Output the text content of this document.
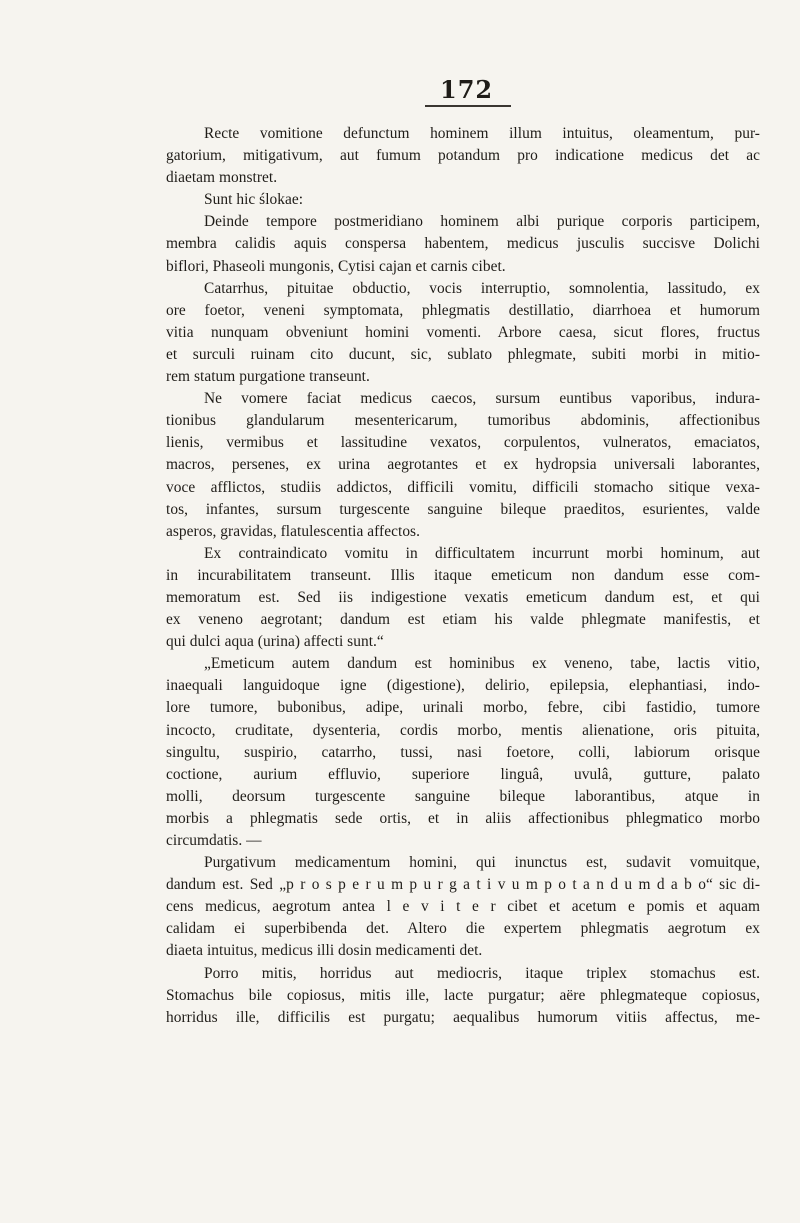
172
Recte vomitione defunctum hominem illum intuitus, oleamentum, pur-
gatorium, mitigativum, aut fumum potandum pro indicatione medicus det ac
diaetam monstret.
Sunt hic ślokae:
Deinde tempore postmeridiano hominem albi purique corporis participem,
membra calidis aquis conspersa habentem, medicus jusculis succisve Dolichi
biflori, Phaseoli mungonis, Cytisi cajan et carnis cibet.
Catarrhus, pituitae obductio, vocis interruptio, somnolentia, lassitudo, ex
ore foetor, veneni symptomata, phlegmatis destillatio, diarrhoea et humorum
vitia nunquam obveniunt homini vomenti. Arbore caesa, sicut flores, fructus
et surculi ruinam cito ducunt, sic, sublato phlegmate, subiti morbi in mitio-
rem statum purgatione transeunt.
Ne vomere faciat medicus caecos, sursum euntibus vaporibus, indura-
tionibus glandularum mesentericarum, tumoribus abdominis, affectionibus
lienis, vermibus et lassitudine vexatos, corpulentos, vulneratos, emaciatos,
macros, persenes, ex urina aegrotantes et ex hydropsia universali laborantes,
voce afflictos, studiis addictos, difficili vomitu, difficili stomacho sitique vexa-
tos, infantes, sursum turgescente sanguine bileque praeditos, esurientes, valde
asperos, gravidas, flatulescentia affectos.
Ex contraindicato vomitu in difficultatem incurrunt morbi hominum, aut
in incurabilitatem transeunt. Illis itaque emeticum non dandum esse com-
memoratum est. Sed iis indigestione vexatis emeticum dandum est, et qui
ex veneno aegrotant; dandum est etiam his valde phlegmate manifestis, et
qui dulci aqua (urina) affecti sunt.“
„Emeticum autem dandum est hominibus ex veneno, tabe, lactis vitio,
inaequali languidoque igne (digestione), delirio, epilepsia, elephantiasi, indo-
lore tumore, bubonibus, adipe, urinali morbo, febre, cibi fastidio, tumore
incocto, cruditate, dysenteria, cordis morbo, mentis alienatione, oris pituita,
singultu, suspirio, catarrho, tussi, nasi foetore, colli, labiorum orisque
coctione, aurium effluvio, superiore linguâ, uvulâ, gutture, palato
molli, deorsum turgescente sanguine bileque laborantibus, atque in
morbis a phlegmatis sede ortis, et in aliis affectionibus phlegmatico morbo
circumdatis. —
Purgativum medicamentum homini, qui inunctus est, sudavit vomuitque,
dandum est. Sed „p r o s p e r u m p u r g a t i v u m p o t a n d u m d a b o“ sic di-
cens medicus, aegrotum antea l e v i t e r cibet et acetum e pomis et aquam
calidam ei superbibenda det. Altero die expertem phlegmatis aegrotum ex
diaeta intuitus, medicus illi dosin medicamenti det.
Porro mitis, horridus aut mediocris, itaque triplex stomachus est.
Stomachus bile copiosus, mitis ille, lacte purgatur; aëre phlegmateque copiosus,
horridus ille, difficilis est purgatu; aequalibus humorum vitiis affectus, me-
